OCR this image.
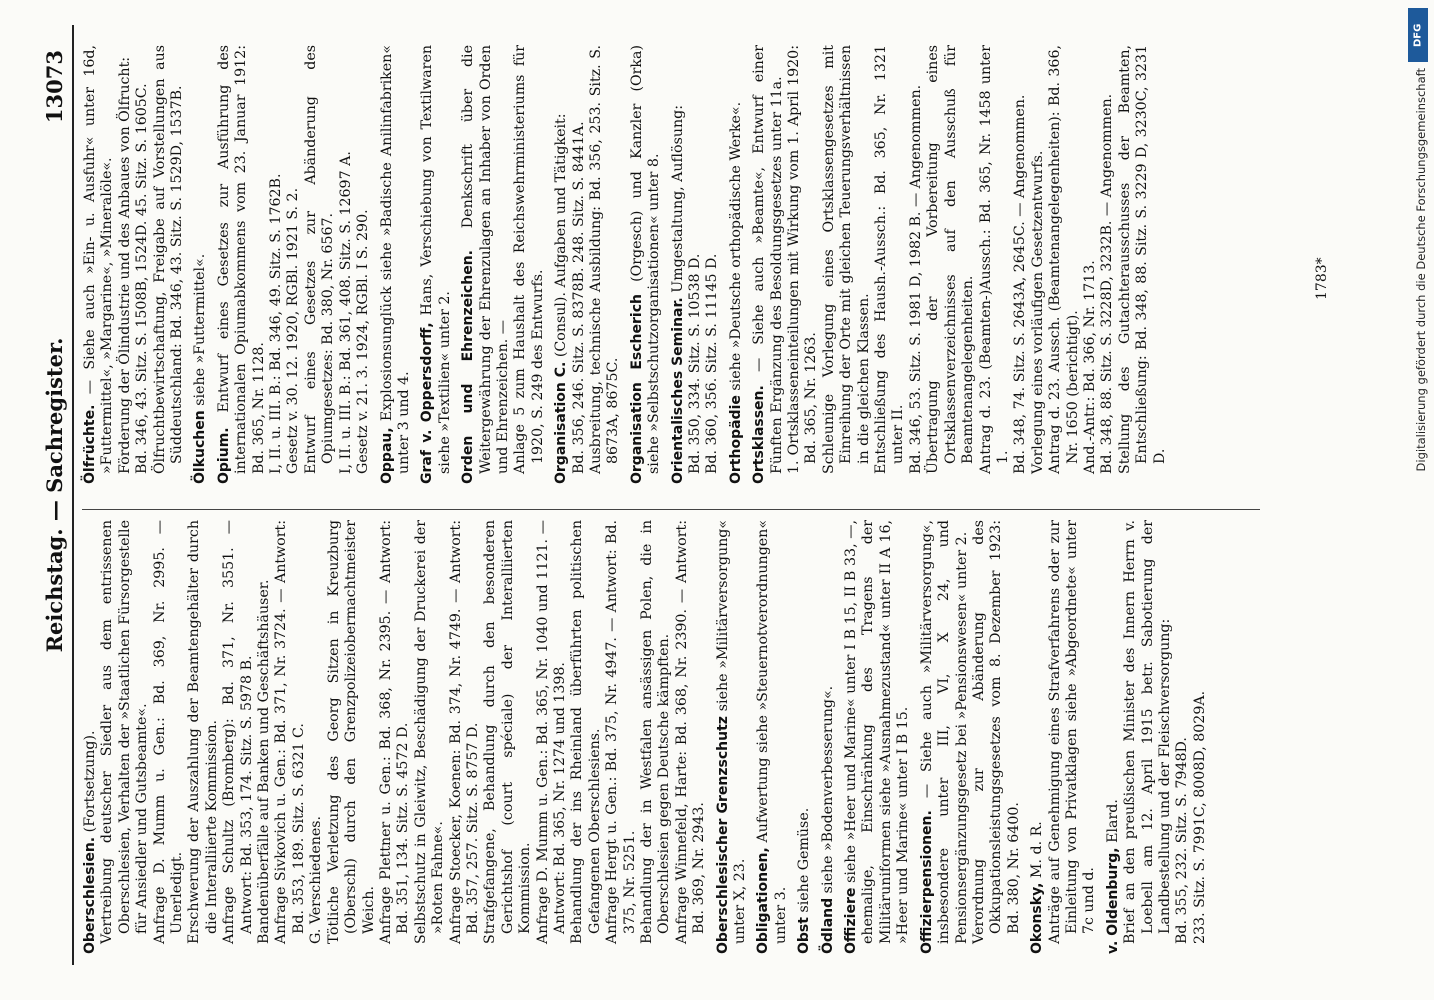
Reichstag. — Sachregister.
13073

Oberschlesien. (Fortsetzung). Vertreibung deutscher Siedler aus dem entrissenen Oberschlesien, Verhalten der »Staatlichen Fürsorgestelle für Ansiedler und Gutsbeamte«. Anfrage D. Mumm u. Gen.: Bd. 369, Nr. 2995. — Unerledigt. Erschwerung der Auszahlung der Beamtengehälter durch die Interalliierte Kommission. Anfrage Schultz (Bromberg): Bd. 371, Nr. 3551. — Antwort: Bd. 353, 174. Sitz. S. 5978 B. Bandenüberfälle auf Banken und Geschäftshäuser. Anfrage Sivkovich u. Gen.: Bd. 371, Nr. 3724. — Antwort: Bd. 353, 189. Sitz. S. 6321 C. G. Verschiedenes. Tötliche Verletzung des Georg Sitzen in Kreuzburg (Oberschl) durch den Grenzpolizeiobermachtmeister Weich. Anfrage Plettner u. Gen.: Bd. 368, Nr. 2395. — Antwort: Bd. 351, 134. Sitz. S. 4572 D. Selbstschutz in Gleiwitz, Beschädigung der Druckerei der »Roten Fahne«. Anfrage Stoecker, Koenen: Bd. 374, Nr. 4749. — Antwort: Bd. 357, 257. Sitz. S. 8757 D. Strafgefangene, Behandlung durch den besonderen Gerichtshof (court spéciale) der Interalliierten Kommission. Anfrage D. Mumm u. Gen.: Bd. 365, Nr. 1040 und 1121. — Antwort: Bd. 365, Nr. 1274 und 1398. Behandlung der ins Rheinland überführten politischen Gefangenen Oberschlesiens. Anfrage Hergt u. Gen.: Bd. 375, Nr. 4947. — Antwort: Bd. 375, Nr. 5251. Behandlung der in Westfalen ansässigen Polen, die in Oberschlesien gegen Deutsche kämpften. Anfrage Winnefeld, Harte: Bd. 368, Nr. 2390. — Antwort: Bd. 369, Nr. 2943. Oberschlesischer Grenzschutz siehe »Militärversorgung« unter X, 23. Obligationen, Aufwertung siehe »Steuernotverordnungen« unter 3. Obst siehe Gemüse.

Ödland siehe »Bodenverbesserung«.

Offiziere siehe »Heer und Marine« unter I B 15, II B 33, —, ehemalige, Einschränkung des Tragens der Militäruniformen siehe »Ausnahmezustand« unter II A 16, »Heer und Marine« unter I B 15. Offizierpensionen. — Siehe auch »Militärversorgung«, insbesondere unter III, VI, X 24, und Pensionsergänzungsgesetz bei »Pensionswesen« unter 2. Verordnung zur Abänderung des Okkupationsleistungsgesetzes vom 8. Dezember 1923: Bd. 380, Nr. 6400. Okonsky, M. d. R. Anträge auf Genehmigung eines Strafverfahrens oder zur Einleitung von Privatklagen siehe »Abgeordnete« unter 7c und d. v. Oldenburg, Elard. Brief an den preußischen Minister des Innern Herrn v. Loebell am 12. April 1915 betr. Sabotierung der Landbestellung und der Fleischversorgung: Bd. 355, 232. Sitz. S. 7948D. 233. Sitz. S. 7991C, 8008D, 8029A.

Ölfrüchte. — Siehe auch »Ein- u. Ausfuhr« unter 16d, »Futtermittel«, »Margarine«, »Mineralöle«. Förderung der Ölindustrie und des Anbaues von Ölfrucht: Bd. 346, 43. Sitz. S. 1508B, 1524D. 45. Sitz. S. 1605C. Ölfruchtbewirtschaftung, Freigabe auf Vorstellungen aus Süddeutschland: Bd. 346, 43. Sitz. S. 1529D, 1537B. Ölkuchen siehe »Futtermittel«.

Opium. Entwurf eines Gesetzes zur Ausführung des internationalen Opiumabkommens vom 23. Januar 1912: Bd. 365, Nr. 1128. I, II. u. III. B.: Bd. 346, 49. Sitz. S. 1762B. Gesetz v. 30. 12. 1920, RGBl. 1921 S. 2. Entwurf eines Gesetzes zur Abänderung des Opiumgesetzes: Bd. 380, Nr. 6567. I, II. u. III. B.: Bd. 361, 408. Sitz. S. 12697 A. Gesetz v. 21. 3. 1924, RGBl. I S. 290. Oppau, Explosionsunglück siehe »Badische Anilinfabriken« unter 3 und 4. Graf v. Oppersdorff, Hans, Verschiebung von Textilwaren siehe »Textilien« unter 2. Orden und Ehrenzeichen. Denkschrift über die Weitergewährung der Ehrenzulagen an Inhaber von Orden und Ehrenzeichen. — Anlage 5 zum Haushalt des Reichswehrministeriums für 1920, S. 249 des Entwurfs. Organisation C. (Consul). Aufgaben und Tätigkeit: Bd. 356, 246. Sitz. S. 8378B. 248. Sitz. S. 8441A. Ausbreitung, technische Ausbildung: Bd. 356, 253. Sitz. S. 8673A, 8675C. Organisation Escherich (Orgesch) und Kanzler (Orka) siehe »Selbstschutzorganisationen« unter 8. Orientalisches Seminar. Umgestaltung, Auflösung:

Bd. 350, 334. Sitz. S. 10538 D. Bd. 360, 356. Sitz. S. 11145 D. Orthopädie siehe »Deutsche orthopädische Werke«.

Ortsklassen. — Siehe auch »Beamte«, Entwurf einer Fünften Ergänzung des Besoldungsgesetzes unter 11a. 1. Ortsklasseneinteilungen mit Wirkung vom 1. April 1920: Bd. 365, Nr. 1263. Schleunige Vorlegung eines Ortsklassengesetzes mit Einreihung der Orte mit gleichen Teuerungsverhältnissen in die gleichen Klassen. Entschließung des Haush.-Aussch.: Bd. 365, Nr. 1321 unter II. Bd. 346, 53. Sitz. S. 1981 D, 1982 B. — Angenommen. Übertragung der Vorbereitung eines Ortsklassenverzeichnisses auf den Ausschuß für Beamtenangelegenheiten. Antrag d. 23. (Beamten-)Aussch.: Bd. 365, Nr. 1458 unter 1. Bd. 348, 74. Sitz. S. 2643A, 2645C. — Angenommen. Vorlegung eines vorläufigen Gesetzentwurfs. Antrag d. 23. Aussch. (Beamtenangelegenheiten): Bd. 366, Nr. 1650 (berichtigt). And.-Antr.: Bd. 366, Nr. 1713. Bd. 348, 88. Sitz. S. 3228D, 3232B. — Angenommen. Stellung des Gutachterausschusses der Beamten, Entschließung: Bd. 348, 88. Sitz. S. 3229 D, 3230C, 3231 D.

1783*
DFG
Digitalisierung gefördert durch die Deutsche Forschungsgemeinschaft
